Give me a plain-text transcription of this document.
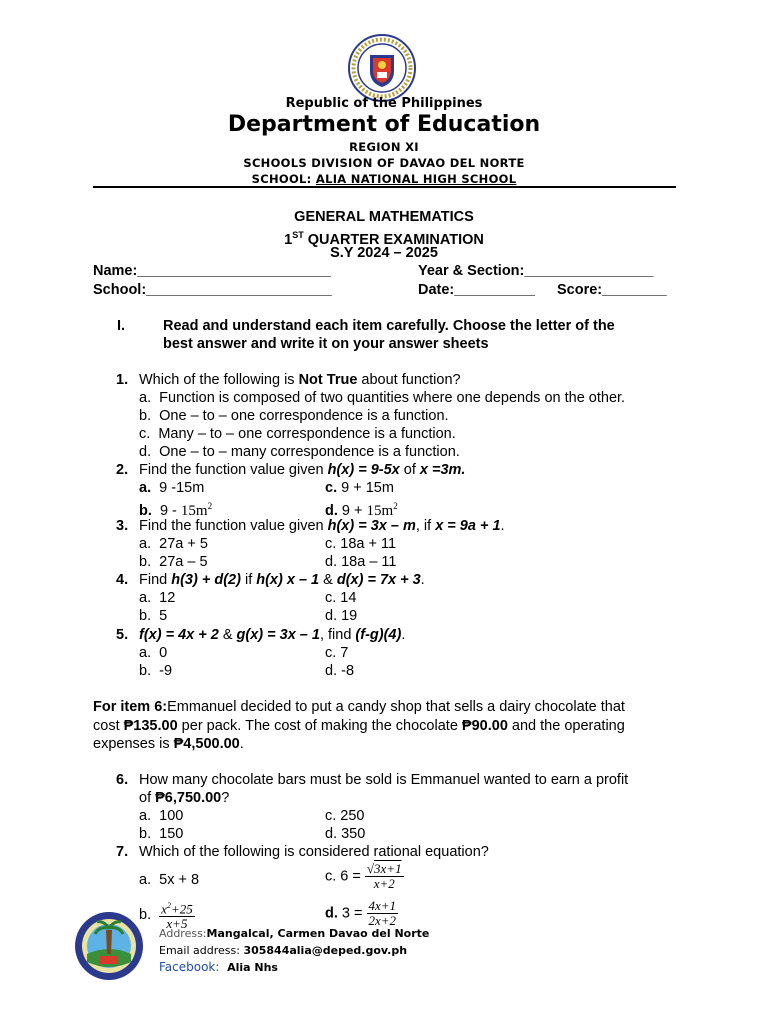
Republic of the Philippines
Department of Education
REGION XI
SCHOOLS DIVISION OF DAVAO DEL NORTE
SCHOOL: ALIA NATIONAL HIGH SCHOOL
GENERAL MATHEMATICS
1ST QUARTER EXAMINATION
S.Y 2024 – 2025
Name:________________________	Year & Section:________________
School:_______________________	Date:__________ Score:________
I.	Read and understand each item carefully. Choose the letter of the
best answer and write it on your answer sheets
1. Which of the following is Not True about function?
a.  Function is composed of two quantities where one depends on the other.
b.  One – to – one correspondence is a function.
c.  Many – to – one correspondence is a function.
d.  One – to – many correspondence is a function.
2. Find the function value given h(x) = 9-5x of x =3m.
a. 9 -15m	c. 9 + 15m
b. $9 - 15m^2$	d. $9 + 15m^2$
3. Find the function value given h(x) = 3x – m, if x = 9a + 1.
a.  27a + 5	c. 18a + 11
b.  27a – 5	d. 18a – 11
4. Find h(3) + d(2) if h(x) x – 1 & d(x) = 7x + 3.
a.  12	c. 14
b.  5	d. 19
5. f(x) = 4x + 2 & g(x) = 3x – 1, find (f-g)(4).
a.  0	c. 7
b.  -9	d. -8
For item 6:Emmanuel decided to put a candy shop that sells a dairy chocolate that
cost ₱135.00 per pack. The cost of making the chocolate ₱90.00 and the operating
expenses is ₱4,500.00.
6. How many chocolate bars must be sold is Emmanuel wanted to earn a profit
of ₱6,750.00?
a.  100	c. 250
b.  150	d. 350
7. Which of the following is considered rational equation?
a.  5x + 8	c. $6 = \frac{√3x+1}{x+2}$
b. $\frac{x^2+25}{x+5}$	d. $3 = \frac{4x+1}{2x+2}$
Address:Mangalcal, Carmen Davao del Norte
Email address: 305844alia@deped.gov.ph
Facebook: Alia Nhs
